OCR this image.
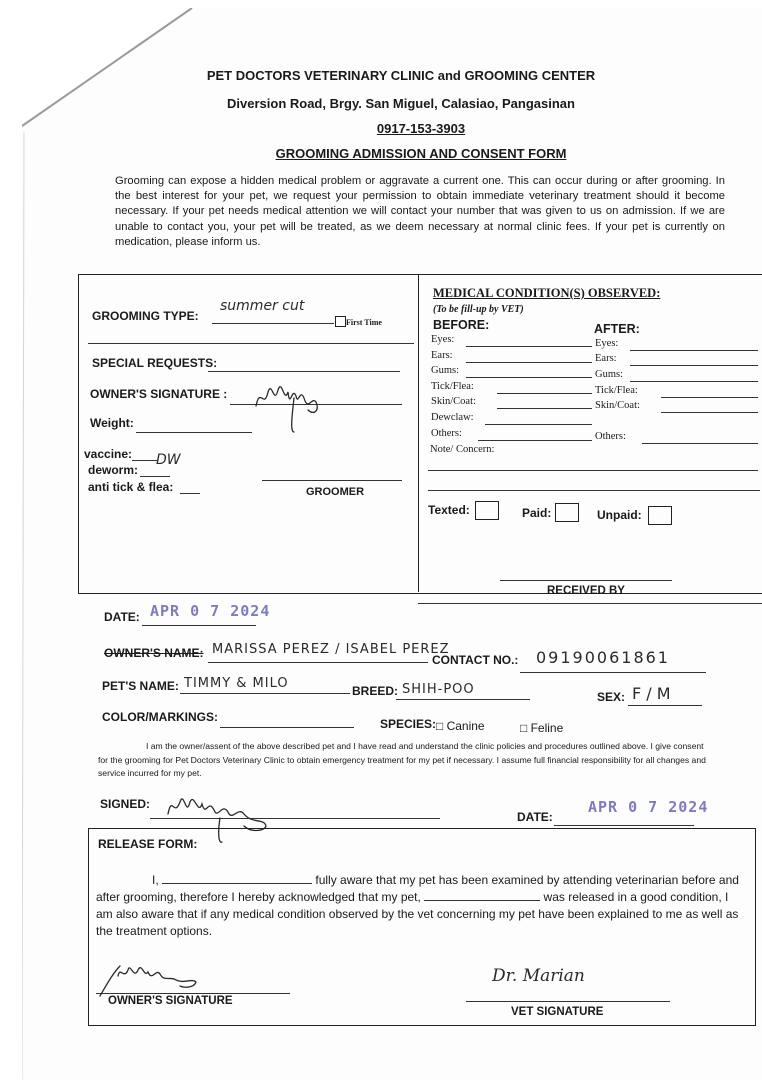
PET DOCTORS VETERINARY CLINIC and GROOMING CENTER
Diversion Road, Brgy. San Miguel, Calasiao, Pangasinan
0917-153-3903
GROOMING ADMISSION AND CONSENT FORM
Grooming can expose a hidden medical problem or aggravate a current one. This can occur during or after grooming. In the best interest for your pet, we request your permission to obtain immediate veterinary treatment should it become necessary. If your pet needs medical attention we will contact your number that was given to us on admission. If we are unable to contact you, your pet will be treated, as we deem necessary at normal clinic fees. If your pet is currently on medication, please inform us.
GROOMING TYPE:
summer cut
First Time
SPECIAL REQUESTS:
OWNER'S SIGNATURE :
Weight:
vaccine:
deworm:
DW
anti tick & flea:	GROOMER
MEDICAL CONDITION(S) OBSERVED:
(To be fill-up by VET)
BEFORE:	AFTER:
Eyes:
Ears:
Gums:
Tick/Flea:
Skin/Coat:
Dewclaw:
Others:
Eyes:
Ears:
Gums:
Tick/Flea:
Skin/Coat:
Others:
Note/ Concern:
Texted:	Paid:	Unpaid:
RECEIVED BY
DATE: APR 0 7 2024
OWNER'S NAME: MARISSA PEREZ / ISABEL PEREZ
CONTACT NO.: 09190061861
PET'S NAME: TIMMY & MILO	BREED: SHIH-POO	SEX: F / M
COLOR/MARKINGS:	SPECIES: □ Canine	□ Feline
I am the owner/assent of the above described pet and I have read and understand the clinic policies and procedures outlined above. I give consent for the grooming for Pet Doctors Veterinary Clinic to obtain emergency treatment for my pet if necessary. I assume full financial responsibility for all changes and service incurred for my pet.
SIGNED:
DATE:
APR 0 7 2024
RELEASE FORM:
I,	fully aware that my pet has been examined by attending veterinarian before and after grooming, therefore I hereby acknowledged that my pet,	was released in a good condition, I am also aware that if any medical condition observed by the vet concerning my pet have been explained to me as well as the treatment options.
OWNER'S SIGNATURE
Dr. Marian
VET SIGNATURE
